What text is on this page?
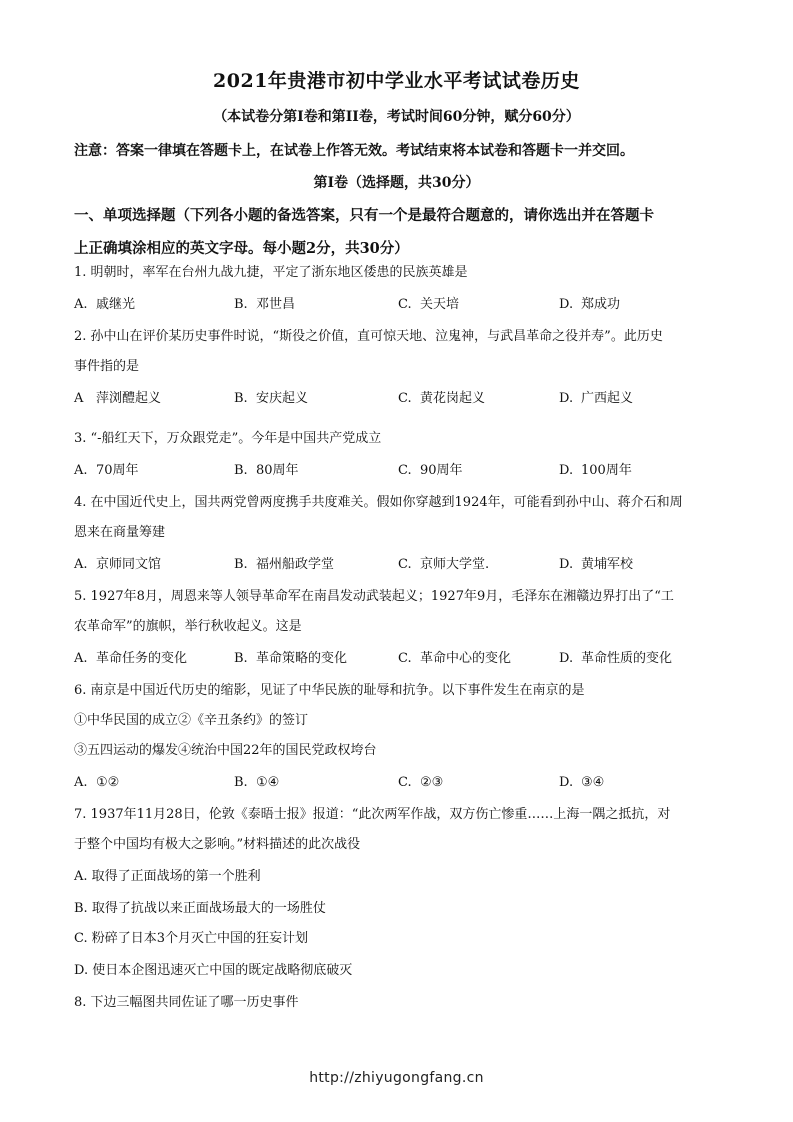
2021年贵港市初中学业水平考试试卷历史
（本试卷分第Ⅰ卷和第II卷，考试时间60分钟，赋分60分）
注意：答案一律填在答题卡上，在试卷上作答无效。考试结束将本试卷和答题卡一并交回。
第Ⅰ卷（选择题，共30分）
一、单项选择题（下列各小题的备选答案，只有一个是最符合题意的，请你选出并在答题卡
上正确填涂相应的英文字母。每小题2分，共30分）
1. 明朝时，率军在台州九战九捷，平定了浙东地区倭患的民族英雄是
A. 戚继光	B. 邓世昌	C. 关天培	D. 郑成功
2. 孙中山在评价某历史事件时说，“斯役之价值，直可惊天地、泣鬼神，与武昌革命之役并寿”。此历史
事件指的是
A 萍浏醴起义	B. 安庆起义	C. 黄花岗起义	D. 广西起义
3. “-船红天下，万众跟党走”。今年是中国共产党成立
A. 70周年	B. 80周年	C. 90周年	D. 100周年
4. 在中国近代史上，国共两党曾两度携手共度难关。假如你穿越到1924年，可能看到孙中山、蒋介石和周
恩来在商量筹建
A. 京师同文馆	B. 福州船政学堂	C. 京师大学堂.	D. 黄埔军校
5. 1927年8月，周恩来等人领导革命军在南昌发动武装起义；1927年9月，毛泽东在湘赣边界打出了“工
农革命军”的旗帜，举行秋收起义。这是
A. 革命任务的变化	B. 革命策略的变化	C. 革命中心的变化	D. 革命性质的变化
6. 南京是中国近代历史的缩影，见证了中华民族的耻辱和抗争。以下事件发生在南京的是
①中华民国的成立②《辛丑条约》的签订
③五四运动的爆发④统治中国22年的国民党政权垮台
A. ①②	B. ①④	C. ②③	D. ③④
7. 1937年11月28日，伦敦《泰晤士报》报道：“此次两军作战，双方伤亡惨重……上海一隅之抵抗，对
于整个中国均有极大之影响。”材料描述的此次战役
A. 取得了正面战场的第一个胜利
B. 取得了抗战以来正面战场最大的一场胜仗
C. 粉碎了日本3个月灭亡中国的狂妄计划
D. 使日本企图迅速灭亡中国的既定战略彻底破灭
8. 下边三幅图共同佐证了哪一历史事件
http://zhiyugongfang.cn
